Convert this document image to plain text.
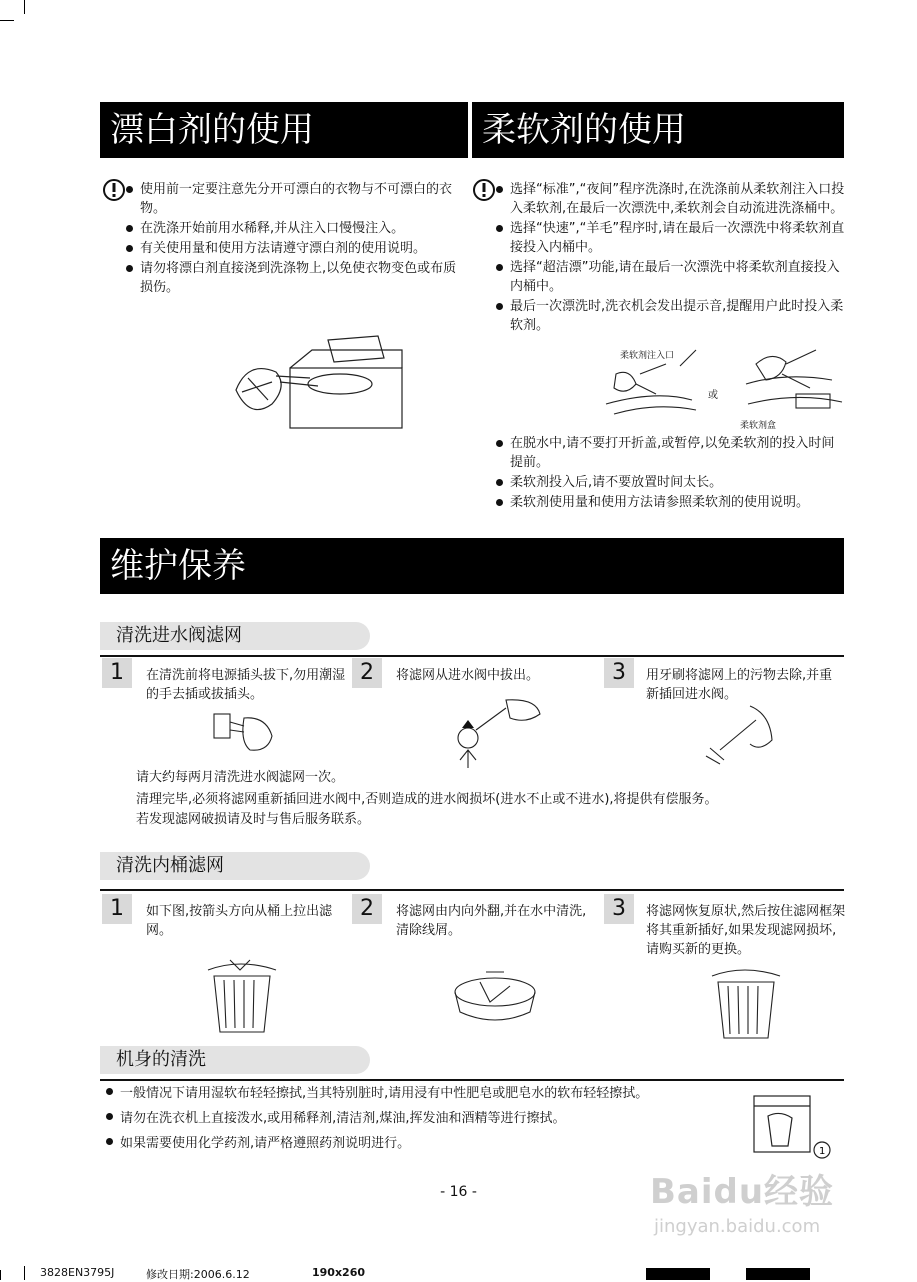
漂白剂的使用	柔软剂的使用
使用前一定要注意先分开可漂白的衣物与不可漂白的衣物。
在洗涤开始前用水稀释,并从注入口慢慢注入。
有关使用量和使用方法请遵守漂白剂的使用说明。
请勿将漂白剂直接浇到洗涤物上,以免使衣物变色或布质损伤。
选择“标准”,“夜间”程序洗涤时,在洗涤前从柔软剂注入口投入柔软剂,在最后一次漂洗中,柔软剂会自动流进洗涤桶中。
选择“快速”,“羊毛”程序时,请在最后一次漂洗中将柔软剂直接投入内桶中。
选择“超洁漂”功能,请在最后一次漂洗中将柔软剂直接投入内桶中。
最后一次漂洗时,洗衣机会发出提示音,提醒用户此时投入柔软剂。
柔软剂注入口
或
柔软剂盒
在脱水中,请不要打开折盖,或暂停,以免柔软剂的投入时间提前。
柔软剂投入后,请不要放置时间太长。
柔软剂使用量和使用方法请参照柔软剂的使用说明。
维护保养
清洗进水阀滤网
1	在清洗前将电源插头拔下,勿用潮湿的手去插或拔插头。
2	将滤网从进水阀中拔出。	3	用牙刷将滤网上的污物去除,并重新插回进水阀。
请大约每两月清洗进水阀滤网一次。
清理完毕,必须将滤网重新插回进水阀中,否则造成的进水阀损坏(进水不止或不进水),将提供有偿服务。
若发现滤网破损请及时与售后服务联系。
清洗内桶滤网
1	如下图,按箭头方向从桶上拉出滤网。
2	将滤网由内向外翻,并在水中清洗,清除线屑。
3	将滤网恢复原状,然后按住滤网框架将其重新插好,如果发现滤网损坏,请购买新的更换。
机身的清洗
一般情况下请用湿软布轻轻擦拭,当其特别脏时,请用浸有中性肥皂或肥皂水的软布轻轻擦拭。
请勿在洗衣机上直接泼水,或用稀释剂,清洁剂,煤油,挥发油和酒精等进行擦拭。
如果需要使用化学药剂,请严格遵照药剂说明进行。
1
- 16 -	Baidu经验
jingyan.baidu.com
3828EN3795J	修改日期:2006.6.12	190x260
